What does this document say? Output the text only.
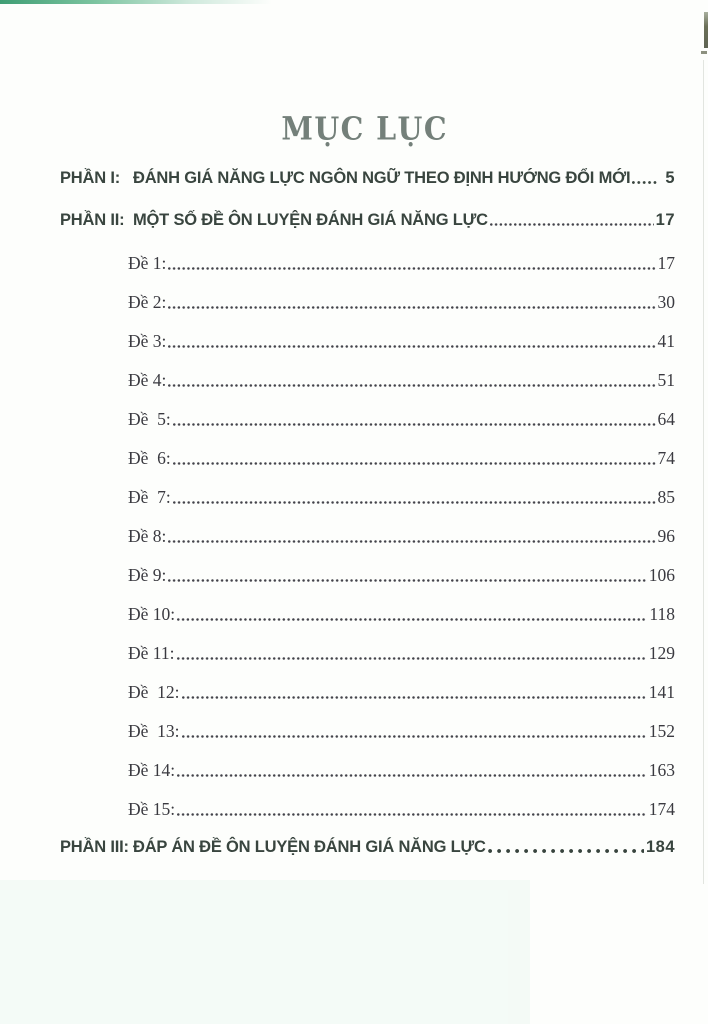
MỤC LỤC
PHẦN I: ĐÁNH GIÁ NĂNG LỰC NGÔN NGỮ THEO ĐỊNH HƯỚNG ĐỔI MỚI 5
PHẦN II: MỘT SỐ ĐỀ ÔN LUYỆN ĐÁNH GIÁ NĂNG LỰC	17
Đề 1:	17
Đề 2:	30
Đề 3:	41
Đề 4:	51
Đề  5:	64
Đề  6:	74
Đề  7:	85
Đề 8:	96
Đề 9:	106
Đề 10:	118
Đề 11:	129
Đề  12:	141
Đề  13:	152
Đề 14:	163
Đề 15:	174
PHẦN III: ĐÁP ÁN ĐỀ ÔN LUYỆN ĐÁNH GIÁ NĂNG LỰC	184
